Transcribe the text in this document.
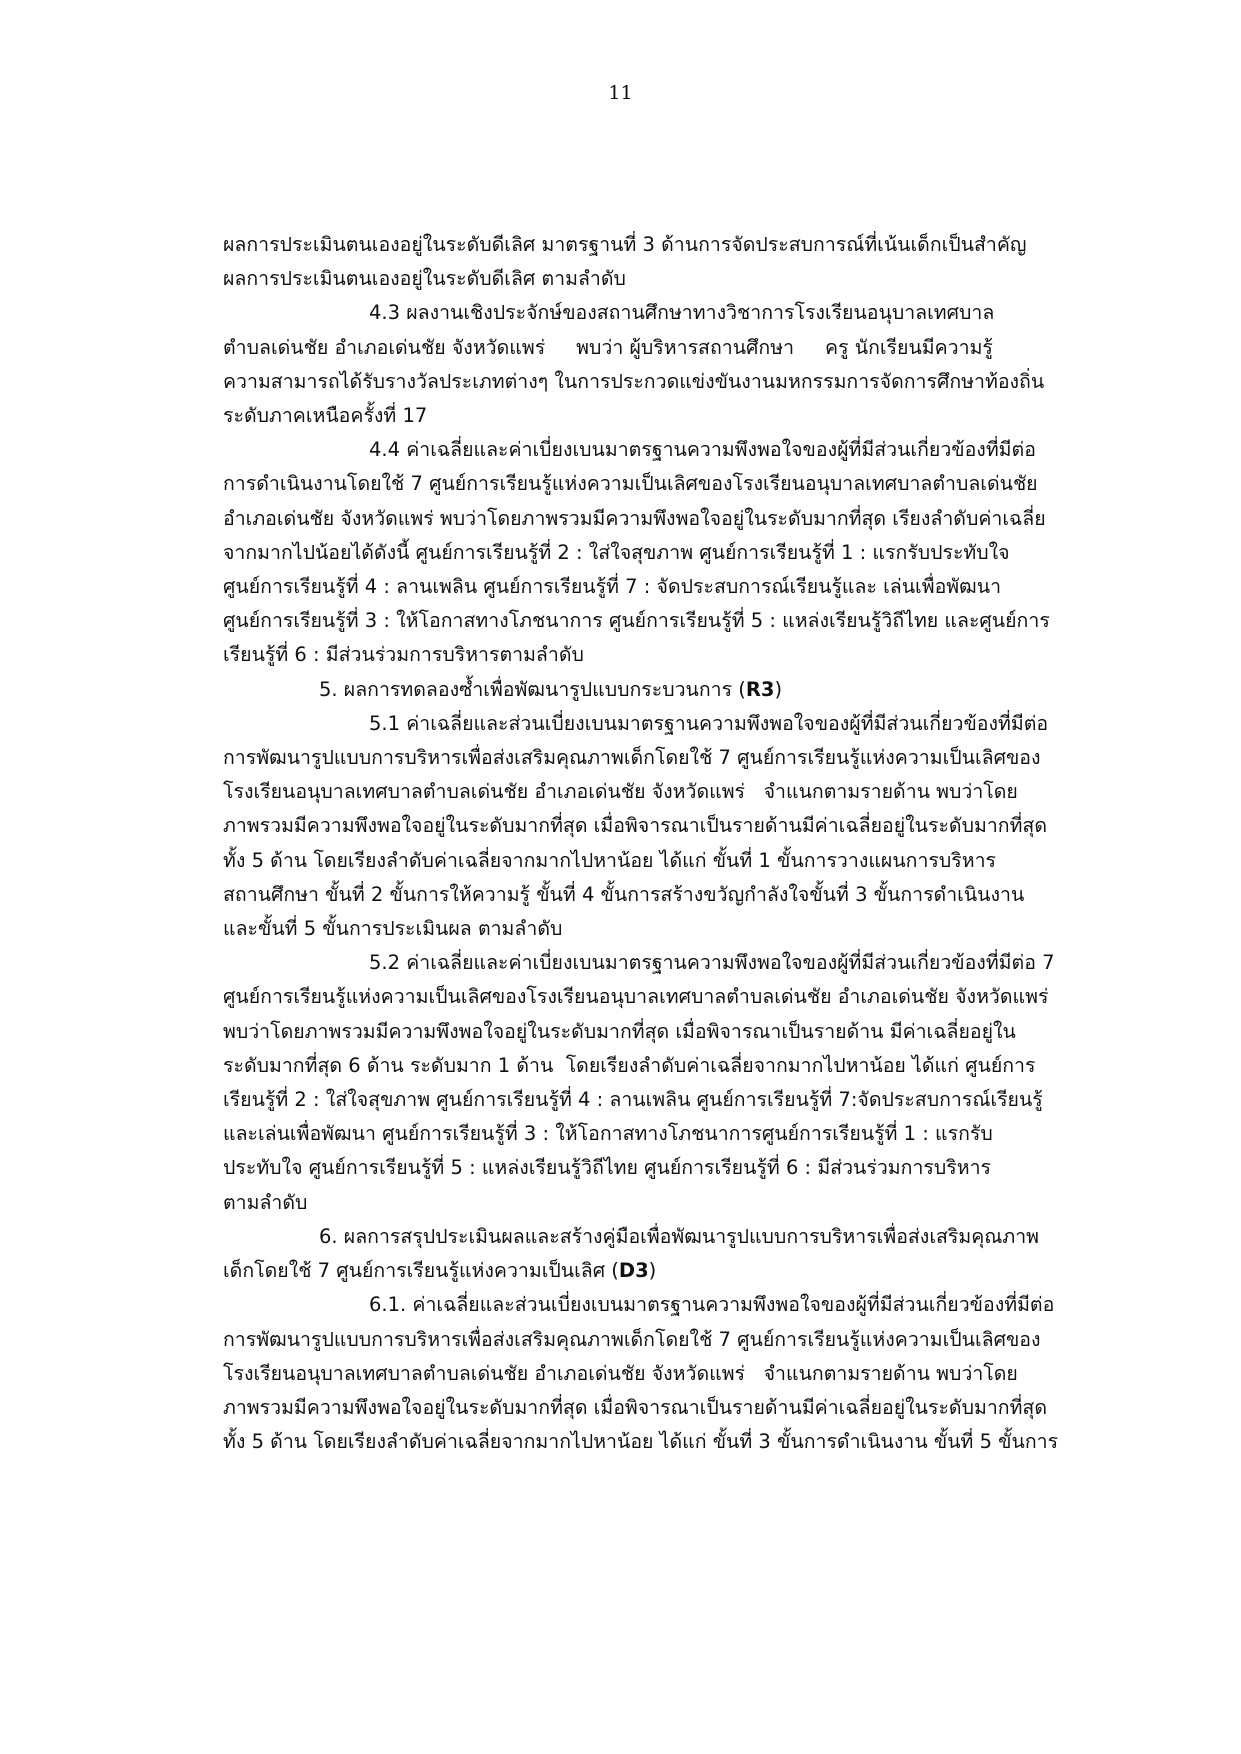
11

ผลการประเมินตนเองอยู่ในระดับดีเลิศ มาตรฐานที่ 3 ด้านการจัดประสบการณ์ที่เน้นเด็กเป็นสำคัญ
ผลการประเมินตนเองอยู่ในระดับดีเลิศ ตามลำดับ

4.3 ผลงานเชิงประจักษ์ของสถานศึกษาทางวิชาการโรงเรียนอนุบาลเทศบาล
ตำบลเด่นชัย อำเภอเด่นชัย จังหวัดแพร่     พบว่า ผู้บริหารสถานศึกษา     ครู นักเรียนมีความรู้
ความสามารถได้รับรางวัลประเภทต่างๆ ในการประกวดแข่งขันงานมหกรรมการจัดการศึกษาท้องถิ่น
ระดับภาคเหนือครั้งที่ 17

4.4 ค่าเฉลี่ยและค่าเบี่ยงเบนมาตรฐานความพึงพอใจของผู้ที่มีส่วนเกี่ยวข้องที่มีต่อ
การดำเนินงานโดยใช้ 7 ศูนย์การเรียนรู้แห่งความเป็นเลิศของโรงเรียนอนุบาลเทศบาลตำบลเด่นชัย
อำเภอเด่นชัย จังหวัดแพร่ พบว่าโดยภาพรวมมีความพึงพอใจอยู่ในระดับมากที่สุด เรียงลำดับค่าเฉลี่ย
จากมากไปน้อยได้ดังนี้ ศูนย์การเรียนรู้ที่ 2 : ใส่ใจสุขภาพ ศูนย์การเรียนรู้ที่ 1 : แรกรับประทับใจ
ศูนย์การเรียนรู้ที่ 4 : ลานเพลิน ศูนย์การเรียนรู้ที่ 7 : จัดประสบการณ์เรียนรู้และ เล่นเพื่อพัฒนา
ศูนย์การเรียนรู้ที่ 3 : ให้โอกาสทางโภชนาการ ศูนย์การเรียนรู้ที่ 5 : แหล่งเรียนรู้วิถีไทย และศูนย์การ
เรียนรู้ที่ 6 : มีส่วนร่วมการบริหารตามลำดับ

5. ผลการทดลองซ้ำเพื่อพัฒนารูปแบบกระบวนการ (R3)

5.1 ค่าเฉลี่ยและส่วนเบี่ยงเบนมาตรฐานความพึงพอใจของผู้ที่มีส่วนเกี่ยวข้องที่มีต่อ
การพัฒนารูปแบบการบริหารเพื่อส่งเสริมคุณภาพเด็กโดยใช้ 7 ศูนย์การเรียนรู้แห่งความเป็นเลิศของ
โรงเรียนอนุบาลเทศบาลตำบลเด่นชัย อำเภอเด่นชัย จังหวัดแพร่   จำแนกตามรายด้าน พบว่าโดย
ภาพรวมมีความพึงพอใจอยู่ในระดับมากที่สุด เมื่อพิจารณาเป็นรายด้านมีค่าเฉลี่ยอยู่ในระดับมากที่สุด
ทั้ง 5 ด้าน โดยเรียงลำดับค่าเฉลี่ยจากมากไปหาน้อย ได้แก่ ขั้นที่ 1 ขั้นการวางแผนการบริหาร
สถานศึกษา ขั้นที่ 2 ขั้นการให้ความรู้ ขั้นที่ 4 ขั้นการสร้างขวัญกำลังใจขั้นที่ 3 ขั้นการดำเนินงาน
และขั้นที่ 5 ขั้นการประเมินผล ตามลำดับ

5.2 ค่าเฉลี่ยและค่าเบี่ยงเบนมาตรฐานความพึงพอใจของผู้ที่มีส่วนเกี่ยวข้องที่มีต่อ 7
ศูนย์การเรียนรู้แห่งความเป็นเลิศของโรงเรียนอนุบาลเทศบาลตำบลเด่นชัย อำเภอเด่นชัย จังหวัดแพร่
พบว่าโดยภาพรวมมีความพึงพอใจอยู่ในระดับมากที่สุด เมื่อพิจารณาเป็นรายด้าน มีค่าเฉลี่ยอยู่ใน
ระดับมากที่สุด 6 ด้าน ระดับมาก 1 ด้าน  โดยเรียงลำดับค่าเฉลี่ยจากมากไปหาน้อย ได้แก่ ศูนย์การ
เรียนรู้ที่ 2 : ใส่ใจสุขภาพ ศูนย์การเรียนรู้ที่ 4 : ลานเพลิน ศูนย์การเรียนรู้ที่ 7:จัดประสบการณ์เรียนรู้
และเล่นเพื่อพัฒนา ศูนย์การเรียนรู้ที่ 3 : ให้โอกาสทางโภชนาการศูนย์การเรียนรู้ที่ 1 : แรกรับ
ประทับใจ ศูนย์การเรียนรู้ที่ 5 : แหล่งเรียนรู้วิถีไทย ศูนย์การเรียนรู้ที่ 6 : มีส่วนร่วมการบริหาร
ตามลำดับ

6. ผลการสรุปประเมินผลและสร้างคู่มือเพื่อพัฒนารูปแบบการบริหารเพื่อส่งเสริมคุณภาพ
เด็กโดยใช้ 7 ศูนย์การเรียนรู้แห่งความเป็นเลิศ (D3)

6.1. ค่าเฉลี่ยและส่วนเบี่ยงเบนมาตรฐานความพึงพอใจของผู้ที่มีส่วนเกี่ยวข้องที่มีต่อ
การพัฒนารูปแบบการบริหารเพื่อส่งเสริมคุณภาพเด็กโดยใช้ 7 ศูนย์การเรียนรู้แห่งความเป็นเลิศของ
โรงเรียนอนุบาลเทศบาลตำบลเด่นชัย อำเภอเด่นชัย จังหวัดแพร่   จำแนกตามรายด้าน พบว่าโดย
ภาพรวมมีความพึงพอใจอยู่ในระดับมากที่สุด เมื่อพิจารณาเป็นรายด้านมีค่าเฉลี่ยอยู่ในระดับมากที่สุด
ทั้ง 5 ด้าน โดยเรียงลำดับค่าเฉลี่ยจากมากไปหาน้อย ได้แก่ ขั้นที่ 3 ขั้นการดำเนินงาน ขั้นที่ 5 ขั้นการ
